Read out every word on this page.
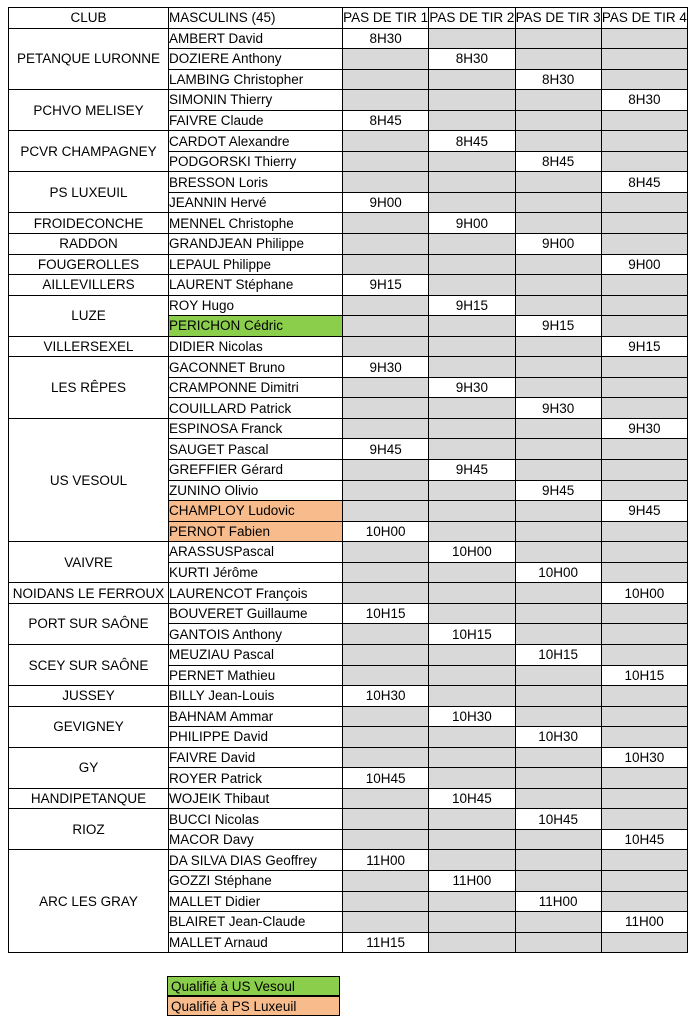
CLUB	MASCULINS (45)	PAS DE TIR 1	PAS DE TIR 2	PAS DE TIR 3	PAS DE TIR 4
PETANQUE LURONNE	AMBERT David	8H30			
	DOZIERE Anthony		8H30		
	LAMBING Christopher			8H30	
PCHVO MELISEY	SIMONIN Thierry				8H30
	FAIVRE Claude	8H45			
PCVR CHAMPAGNEY	CARDOT Alexandre		8H45		
	PODGORSKI Thierry			8H45	
PS LUXEUIL	BRESSON Loris				8H45
	JEANNIN Hervé	9H00			
FROIDECONCHE	MENNEL Christophe		9H00		
RADDON	GRANDJEAN Philippe			9H00	
FOUGEROLLES	LEPAUL Philippe				9H00
AILLEVILLERS	LAURENT Stéphane	9H15			
LUZE	ROY Hugo		9H15		
	PERICHON Cédric			9H15	
VILLERSEXEL	DIDIER Nicolas				9H15
LES RÊPES	GACONNET Bruno	9H30			
	CRAMPONNE Dimitri		9H30		
	COUILLARD Patrick			9H30	
US VESOUL	ESPINOSA Franck				9H30
	SAUGET Pascal	9H45			
	GREFFIER Gérard		9H45		
	ZUNINO Olivio			9H45	
	CHAMPLOY Ludovic				9H45
	PERNOT Fabien	10H00			
VAIVRE	ARASSUSPascal		10H00		
	KURTI Jérôme			10H00	
NOIDANS LE FERROUX	LAURENCOT François				10H00
PORT SUR SAÔNE	BOUVERET Guillaume	10H15			
	GANTOIS Anthony		10H15		
SCEY SUR SAÔNE	MEUZIAU Pascal			10H15	
	PERNET Mathieu				10H15
JUSSEY	BILLY Jean-Louis	10H30			
GEVIGNEY	BAHNAM Ammar		10H30		
	PHILIPPE David			10H30	
GY	FAIVRE David				10H30
	ROYER Patrick	10H45			
HANDIPETANQUE	WOJEIK Thibaut		10H45		
RIOZ	BUCCI Nicolas			10H45	
	MACOR Davy				10H45
ARC LES GRAY	DA SILVA DIAS Geoffrey	11H00			
	GOZZI Stéphane		11H00		
	MALLET Didier			11H00	
	BLAIRET Jean-Claude				11H00
	MALLET Arnaud	11H15			
Qualifié à US Vesoul
Qualifié à PS Luxeuil
